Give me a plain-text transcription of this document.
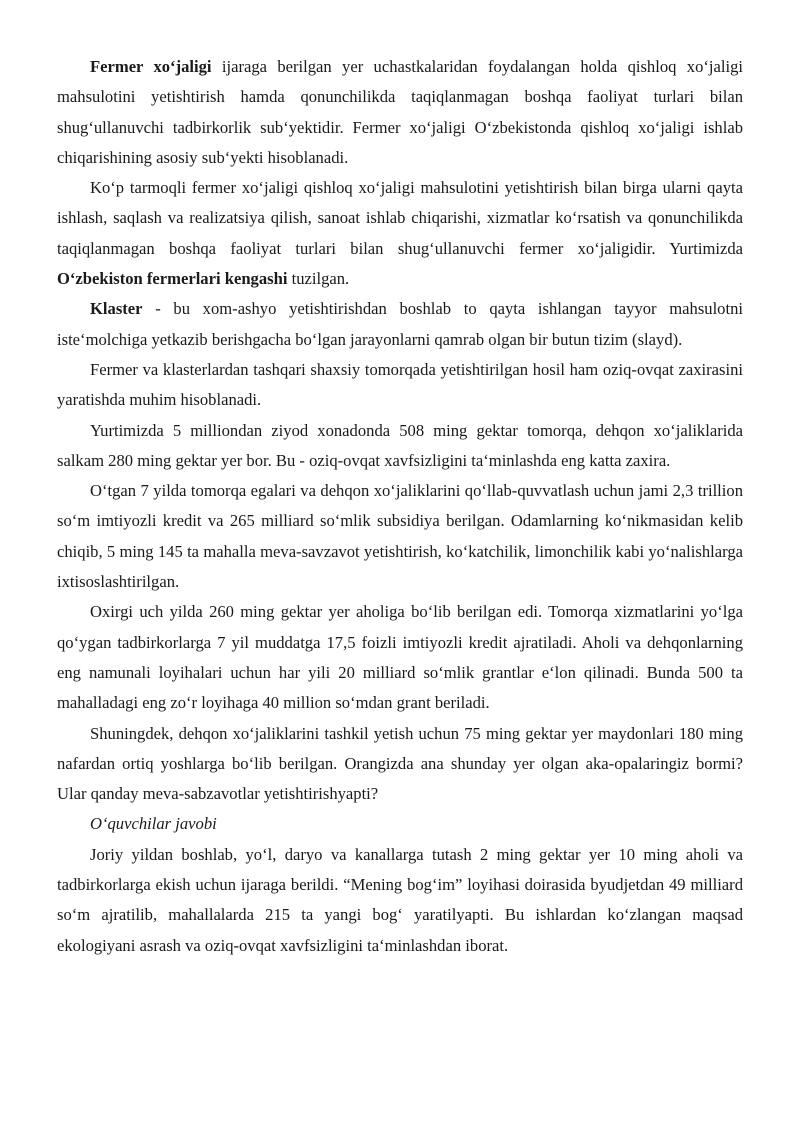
Fermer xo‘jaligi ijaraga berilgan yer uchastkalaridan foydalangan holda qishloq xo‘jaligi mahsulotini yetishtirish hamda qonunchilikda taqiqlanmagan boshqa faoliyat turlari bilan shug‘ullanuvchi tadbirkorlik sub‘yektidir. Fermer xo‘jaligi O‘zbekistonda qishloq xo‘jaligi ishlab chiqarishining asosiy sub‘yekti hisoblanadi.

Ko‘p tarmoqli fermer xo‘jaligi qishloq xo‘jaligi mahsulotini yetishtirish bilan birga ularni qayta ishlash, saqlash va realizatsiya qilish, sanoat ishlab chiqarishi, xizmatlar ko‘rsatish va qonunchilikda taqiqlanmagan boshqa faoliyat turlari bilan shug‘ullanuvchi fermer xo‘jaligidir. Yurtimizda O‘zbekiston fermerlari kengashi tuzilgan.

Klaster - bu xom-ashyo yetishtirishdan boshlab to qayta ishlangan tayyor mahsulotni iste‘molchiga yetkazib berishgacha bo‘lgan jarayonlarni qamrab olgan bir butun tizim (slayd).

Fermer va klasterlardan tashqari shaxsiy tomorqada yetishtirilgan hosil ham oziq-ovqat zaxirasini yaratishda muhim hisoblanadi.

Yurtimizda 5 milliondan ziyod xonadonda 508 ming gektar tomorqa, dehqon xo‘jaliklarida salkam 280 ming gektar yer bor. Bu - oziq-ovqat xavfsizligini ta‘minlashda eng katta zaxira.

O‘tgan 7 yilda tomorqa egalari va dehqon xo‘jaliklarini qo‘llab-quvvatlash uchun jami 2,3 trillion so‘m imtiyozli kredit va 265 milliard so‘mlik subsidiya berilgan. Odamlarning ko‘nikmasidan kelib chiqib, 5 ming 145 ta mahalla meva-savzavot yetishtirish, ko‘katchilik, limonchilik kabi yo‘nalishlarga ixtisoslashtirilgan.

Oxirgi uch yilda 260 ming gektar yer aholiga bo‘lib berilgan edi. Tomorqa xizmatlarini yo‘lga qo‘ygan tadbirkorlarga 7 yil muddatga 17,5 foizli imtiyozli kredit ajratiladi. Aholi va dehqonlarning eng namunali loyihalari uchun har yili 20 milliard so‘mlik grantlar e‘lon qilinadi. Bunda 500 ta mahalladagi eng zo‘r loyihaga 40 million so‘mdan grant beriladi.

Shuningdek, dehqon xo‘jaliklarini tashkil yetish uchun 75 ming gektar yer maydonlari 180 ming nafardan ortiq yoshlarga bo‘lib berilgan. Orangizda ana shunday yer olgan aka-opalaringiz bormi? Ular qanday meva-sabzavotlar yetishtirishyapti?

O‘quvchilar javobi

Joriy yildan boshlab, yo‘l, daryo va kanallarga tutash 2 ming gektar yer 10 ming aholi va tadbirkorlarga ekish uchun ijaraga berildi. “Mening bog‘im” loyihasi doirasida byudjetdan 49 milliard so‘m ajratilib, mahallalarda 215 ta yangi bog‘ yaratilyapti. Bu ishlardan ko‘zlangan maqsad ekologiyani asrash va oziq-ovqat xavfsizligini ta‘minlashdan iborat.
